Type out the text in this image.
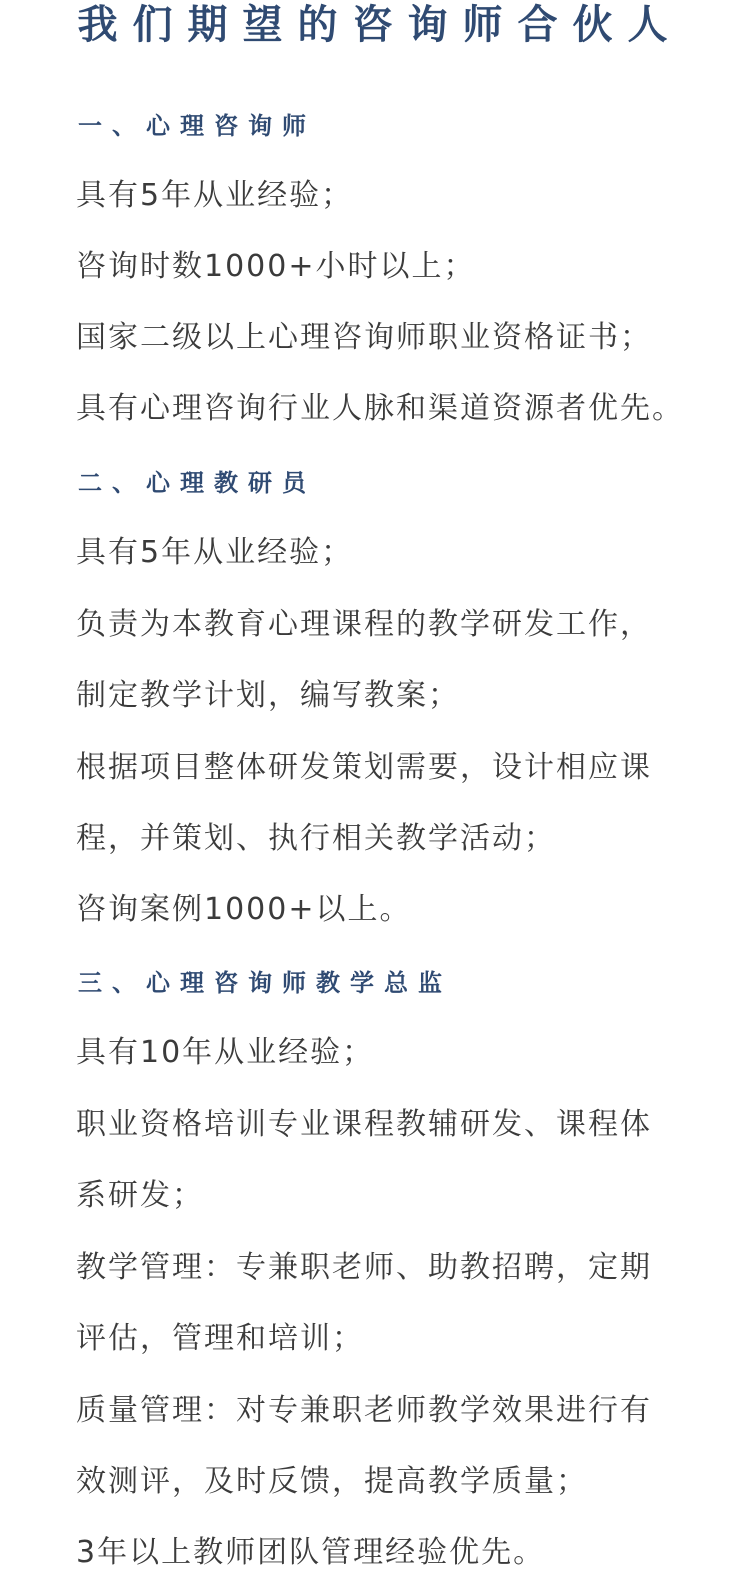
我们期望的咨询师合伙人
一、心理咨询师

具有5年从业经验；

咨询时数1000+小时以上；

国家二级以上心理咨询师职业资格证书；

具有心理咨询行业人脉和渠道资源者优先。

二、心理教研员

具有5年从业经验；

负责为本教育心理课程的教学研发工作，

制定教学计划，编写教案；

根据项目整体研发策划需要，设计相应课

程，并策划、执行相关教学活动；

咨询案例1000+以上。

三、心理咨询师教学总监

具有10年从业经验；

职业资格培训专业课程教辅研发、课程体

系研发；

教学管理：专兼职老师、助教招聘，定期

评估，管理和培训；

质量管理：对专兼职老师教学效果进行有

效测评，及时反馈，提高教学质量；

3年以上教师团队管理经验优先。
